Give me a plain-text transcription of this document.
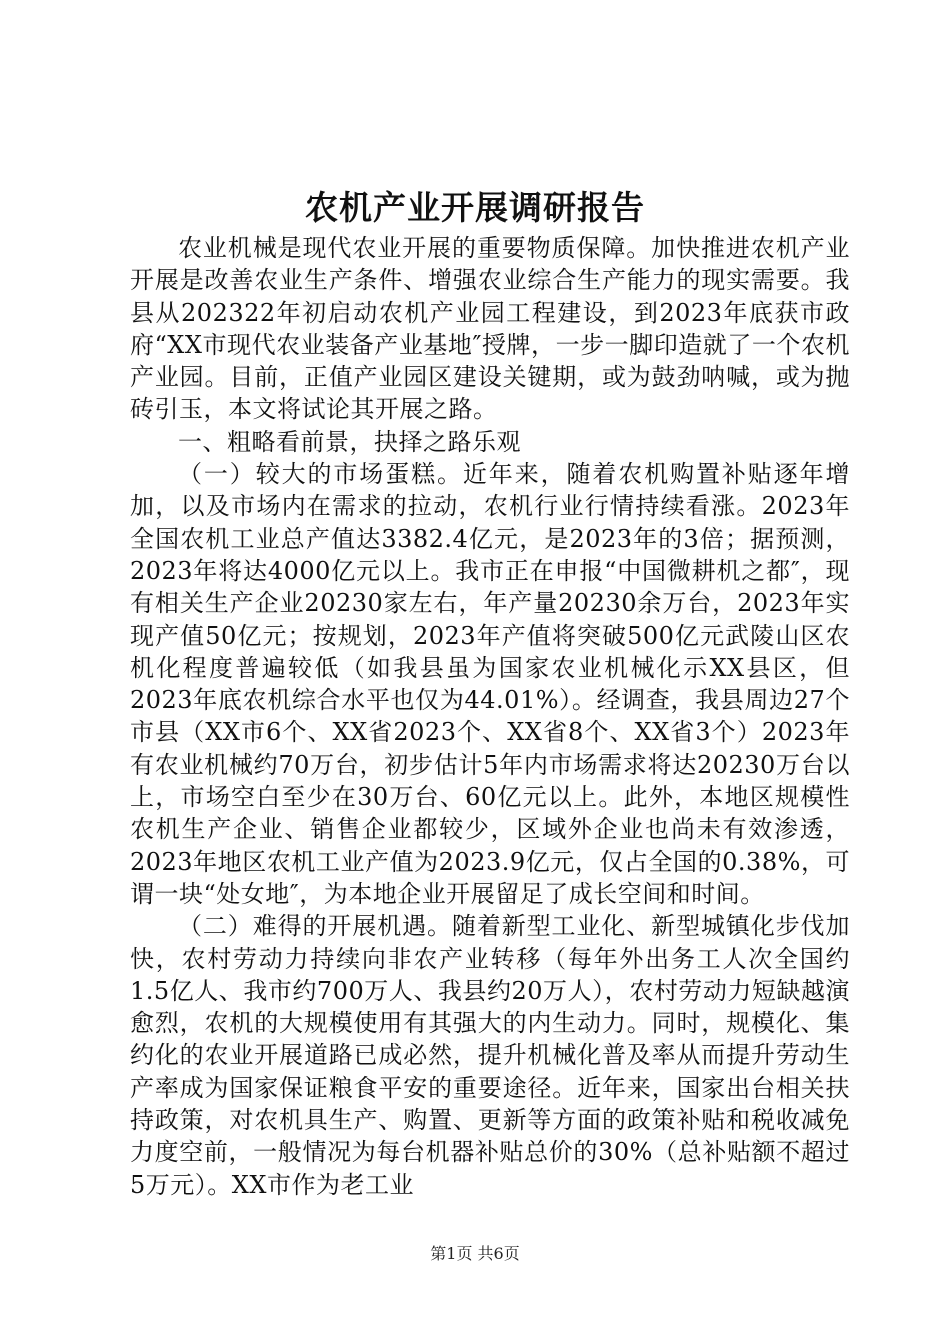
农机产业开展调研报告

农业机械是现代农业开展的重要物质保障。加快推进农机产业开展是改善农业生产条件、增强农业综合生产能力的现实需要。我县从202322年初启动农机产业园工程建设，到2023年底获市政府“XX市现代农业装备产业基地″授牌，一步一脚印造就了一个农机产业园。目前，正值产业园区建设关键期，或为鼓劲呐喊，或为抛砖引玉，本文将试论其开展之路。

一、粗略看前景，抉择之路乐观

（一）较大的市场蛋糕。近年来，随着农机购置补贴逐年增加，以及市场内在需求的拉动，农机行业行情持续看涨。2023年全国农机工业总产值达3382.4亿元，是2023年的3倍；据预测，2023年将达4000亿元以上。我市正在申报“中国微耕机之都″，现有相关生产企业20230家左右，年产量20230余万台，2023年实现产值50亿元；按规划，2023年产值将突破500亿元武陵山区农机化程度普遍较低（如我县虽为国家农业机械化示XX县区，但2023年底农机综合水平也仅为44.01%）。经调查，我县周边27个市县（XX市6个、XX省2023个、XX省8个、XX省3个）2023年有农业机械约70万台，初步估计5年内市场需求将达20230万台以上，市场空白至少在30万台、60亿元以上。此外，本地区规模性农机生产企业、销售企业都较少，区域外企业也尚未有效渗透，2023年地区农机工业产值为2023.9亿元，仅占全国的0.38%，可谓一块“处女地″，为本地企业开展留足了成长空间和时间。

（二）难得的开展机遇。随着新型工业化、新型城镇化步伐加快，农村劳动力持续向非农产业转移（每年外出务工人次全国约1.5亿人、我市约700万人、我县约20万人），农村劳动力短缺越演愈烈，农机的大规模使用有其强大的内生动力。同时，规模化、集约化的农业开展道路已成必然，提升机械化普及率从而提升劳动生产率成为国家保证粮食平安的重要途径。近年来，国家出台相关扶持政策，对农机具生产、购置、更新等方面的政策补贴和税收减免力度空前，一般情况为每台机器补贴总价的30%（总补贴额不超过5万元）。XX市作为老工业

第1页 共6页
